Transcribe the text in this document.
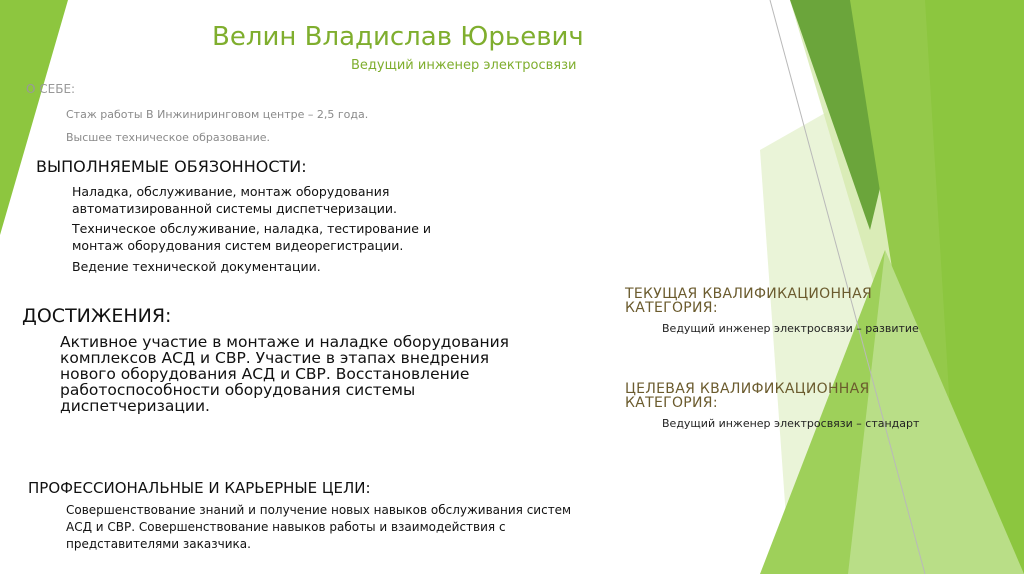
Велин Владислав Юрьевич
Ведущий инженер электросвязи
О СЕБЕ:
Стаж работы В Инжиниринговом центре – 2,5 года.
Высшее техническое образование.
ВЫПОЛНЯЕМЫЕ ОБЯЗОННОСТИ:
Наладка, обслуживание, монтаж оборудования автоматизированной системы диспетчеризации.
Техническое обслуживание, наладка, тестирование и монтаж оборудования систем видеорегистрации.
Ведение технической документации.
ДОСТИЖЕНИЯ:
Активное участие в монтаже и наладке оборудования комплексов АСД и СВР. Участие в этапах внедрения нового оборудования АСД и СВР. Восстановление работоспособности оборудования системы диспетчеризации.
ПРОФЕССИОНАЛЬНЫЕ И КАРЬЕРНЫЕ ЦЕЛИ:
Совершенствование знаний и получение новых навыков обслуживания систем АСД и СВР. Совершенствование навыков работы и взаимодействия с представителями заказчика.
ТЕКУЩАЯ КВАЛИФИКАЦИОННАЯ КАТЕГОРИЯ:
Ведущий инженер электросвязи – развитие
ЦЕЛЕВАЯ КВАЛИФИКАЦИОННАЯ КАТЕГОРИЯ:
Ведущий инженер электросвязи – стандарт
